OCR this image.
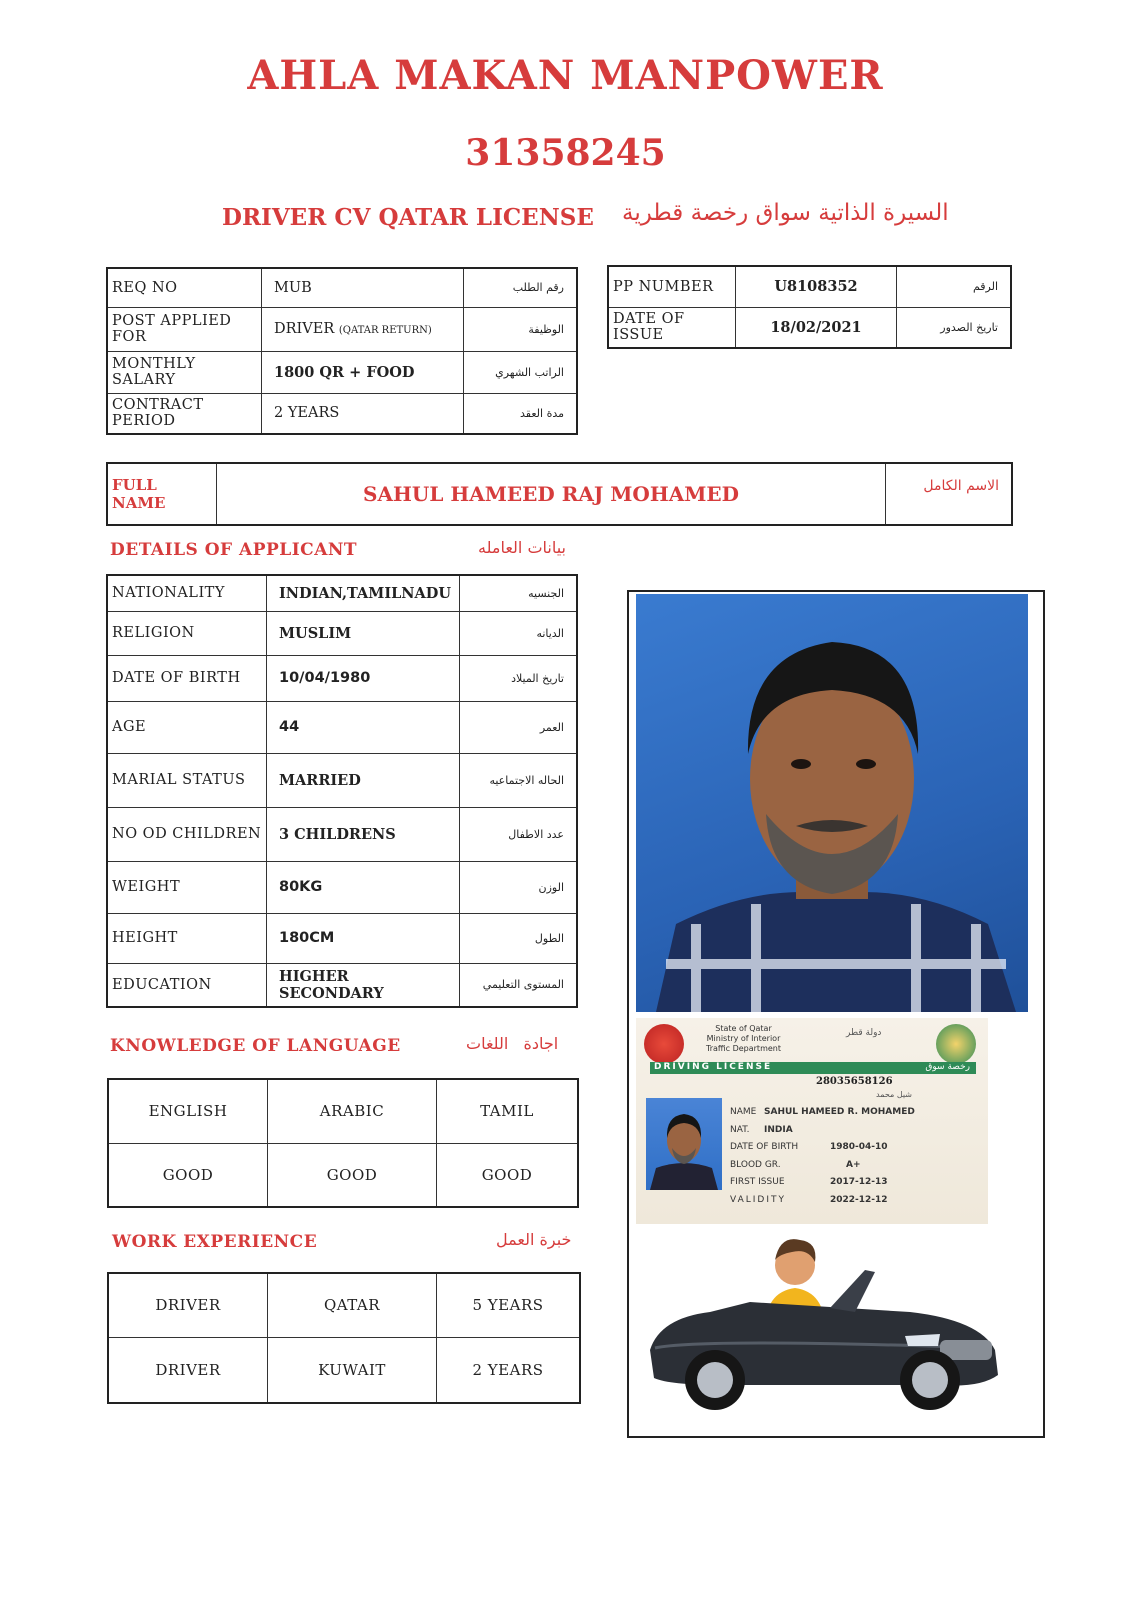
AHLA MAKAN MANPOWER
31358245
DRIVER CV QATAR LICENSE السيرة الذاتية سواق رخصة قطرية
REQ NO	MUB	رقم الطلب
POST APPLIED FOR	DRIVER (QATAR RETURN)	الوظيفة
MONTHLY SALARY	1800 QR + FOOD	الراتب الشهري
CONTRACT PERIOD	2 YEARS	مدة العقد
PP NUMBER	U8108352	الرقم
DATE OF ISSUE	18/02/2021	تاريخ الصدور
FULL NAME	SAHUL HAMEED RAJ MOHAMED	الاسم الكامل
DETAILS OF APPLICANT	بيانات العامله
NATIONALITY	INDIAN,TAMILNADU	الجنسيه
RELIGION	MUSLIM	الديانه
DATE OF BIRTH	10/04/1980	تاريخ الميلاد
AGE	44	العمر
MARIAL STATUS	MARRIED	الحاله الاجتماعيه
NO OD CHILDREN	3 CHILDRENS	عدد الاطفال
WEIGHT	80KG	الوزن
HEIGHT	180CM	الطول
EDUCATION	HIGHER SECONDARY	المستوى التعليمي
KNOWLEDGE OF LANGUAGE	اجادة   اللغات
ENGLISH	ARABIC	TAMIL
GOOD	GOOD	GOOD
WORK EXPERIENCE	خبرة العمل
DRIVER	QATAR	5 YEARS
DRIVER	KUWAIT	2 YEARS
State of Qatar
Ministry of Interior
Traffic Department
دولة قطر
DRIVING LICENSE	رخصة سوق
28035658126
شيل محمد
NAME SAHUL HAMEED R. MOHAMED
NAT. INDIA
DATE OF BIRTH	1980-04-10
BLOOD GR.	A+
FIRST ISSUE	2017-12-13
VALIDITY	2022-12-12
